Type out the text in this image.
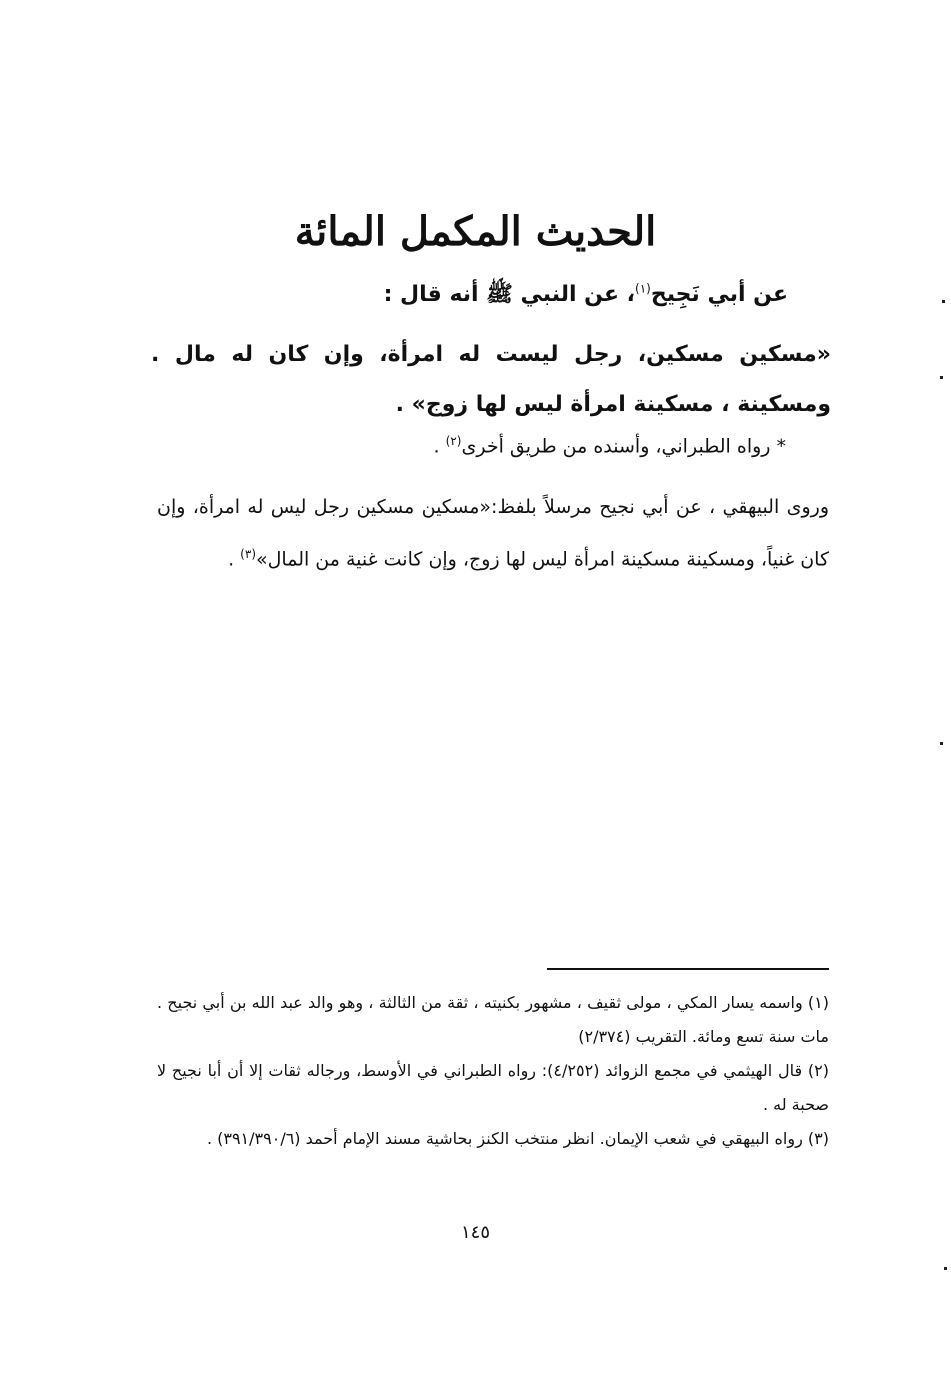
الحديث المكمل المائة
عن أبي نَجِيح$^{(١)}$، عن النبي ﷺ أنه قال :
«مسكين مسكين، رجل ليست له امرأة، وإن كان له مال . ومسكينة ، مسكينة امرأة ليس لها زوج» .
* رواه الطبراني، وأسنده من طريق أخرى$^{(٢)}$ .
وروى البيهقي ، عن أبي نجيح مرسلاً بلفظ:«مسكين مسكين رجل ليس له امرأة، وإن كان غنياً، ومسكينة مسكينة امرأة ليس لها زوج، وإن كانت غنية من المال»$^{(٣)}$ .

(١) واسمه يسار المكي ، مولى ثقيف ، مشهور بكنيته ، ثقة من الثالثة ، وهو والد عبد الله بن أبي نجيح . مات سنة تسع ومائة. التقريب (٢/٣٧٤)

(٢) قال الهيثمي في مجمع الزوائد (٤/٢٥٢): رواه الطبراني في الأوسط، ورجاله ثقات إلا أن أبا نجيح لا صحبة له .

(٣) رواه البيهقي في شعب الإيمان. انظر منتخب الكنز بحاشية مسند الإمام أحمد (٣٩١/٣٩٠/٦) .

١٤٥
